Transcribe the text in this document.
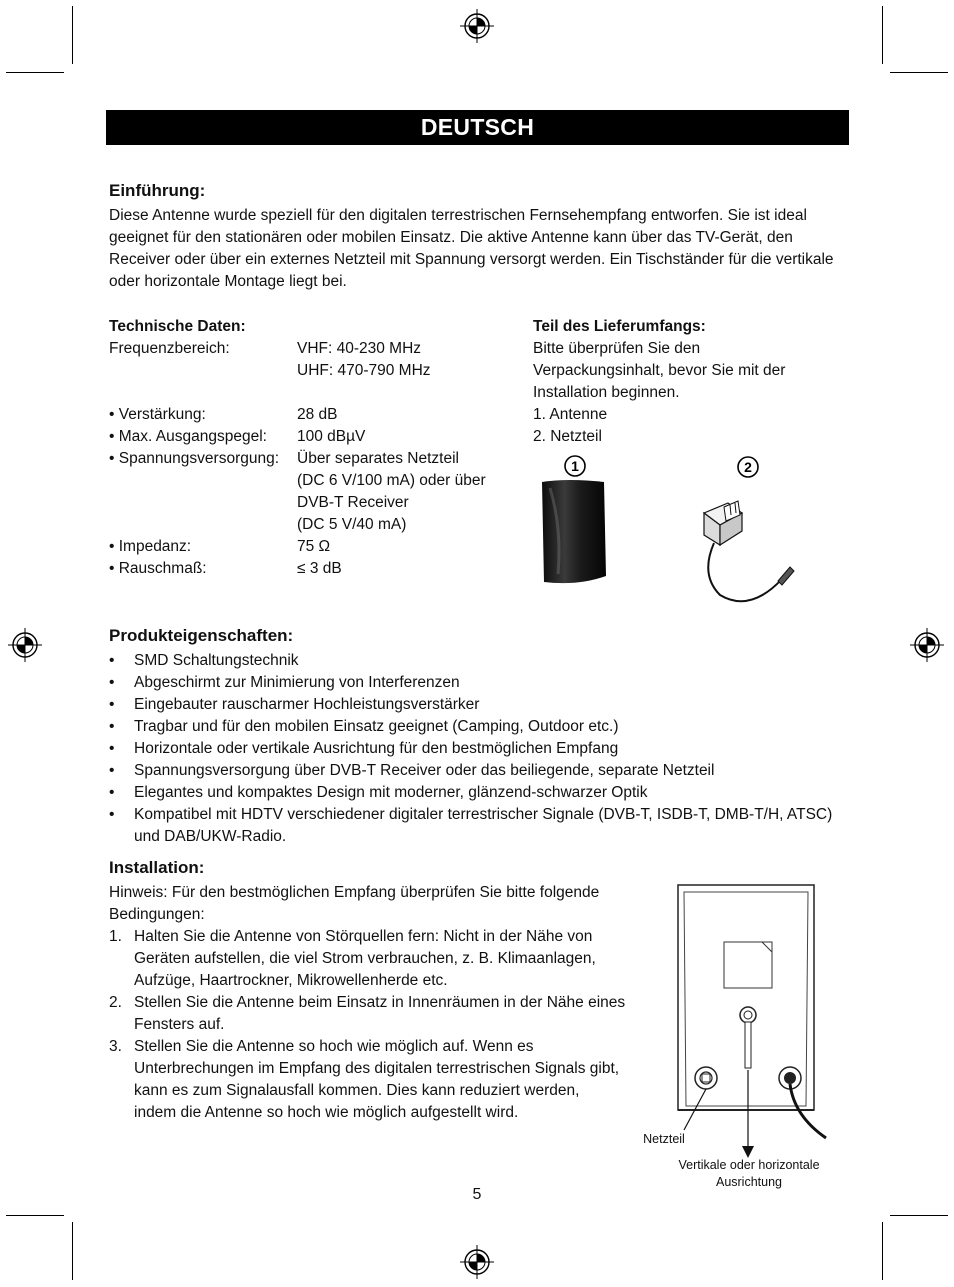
DEUTSCH
Einführung:

Diese Antenne wurde speziell für den digitalen terrestrischen Fernsehempfang entworfen. Sie ist ideal geeignet für den stationären oder mobilen Einsatz. Die aktive Antenne kann über das TV-Gerät, den Receiver oder über ein externes Netzteil mit Spannung versorgt werden. Ein Tischständer für die vertikale oder horizontale Montage liegt bei.

Technische Daten:
Frequenzbereich:	VHF: 40-230 MHz
UHF: 470-790 MHz
• Verstärkung:	28 dB
• Max. Ausgangspegel:	100 dBµV
• Spannungsversorgung:	Über separates Netzteil
(DC 6 V/100 mA) oder über
DVB-T Receiver
(DC 5 V/40 mA)
• Impedanz:	75 Ω
• Rauschmaß:	≤ 3 dB
Teil des Lieferumfangs:
Bitte überprüfen Sie den
Verpackungsinhalt, bevor Sie mit der
Installation beginnen.
1. Antenne
2. Netzteil
1	2
Produkteigenschaften:
•	SMD Schaltungstechnik
•	Abgeschirmt zur Minimierung von Interferenzen
•	Eingebauter rauscharmer Hochleistungsverstärker
•	Tragbar und für den mobilen Einsatz geeignet (Camping, Outdoor etc.)
•	Horizontale oder vertikale Ausrichtung für den bestmöglichen Empfang
•	Spannungsversorgung über DVB-T Receiver oder das beiliegende, separate Netzteil
•	Elegantes und kompaktes Design mit moderner, glänzend-schwarzer Optik
•	Kompatibel mit HDTV verschiedener digitaler terrestrischer Signale (DVB-T, ISDB-T, DMB-T/H, ATSC) und DAB/UKW-Radio.
Installation:
Hinweis: Für den bestmöglichen Empfang überprüfen Sie bitte folgende
Bedingungen:
1. Halten Sie die Antenne von Störquellen fern: Nicht in der Nähe von
Geräten aufstellen, die viel Strom verbrauchen, z. B. Klimaanlagen,
Aufzüge, Haartrockner, Mikrowellenherde etc.
2. Stellen Sie die Antenne beim Einsatz in Innenräumen in der Nähe eines
Fensters auf.
3. Stellen Sie die Antenne so hoch wie möglich auf. Wenn es
Unterbrechungen im Empfang des digitalen terrestrischen Signals gibt,
kann es zum Signalausfall kommen. Dies kann reduziert werden,
indem die Antenne so hoch wie möglich aufgestellt wird.
Netzteil
Vertikale oder horizontale
Ausrichtung
5
